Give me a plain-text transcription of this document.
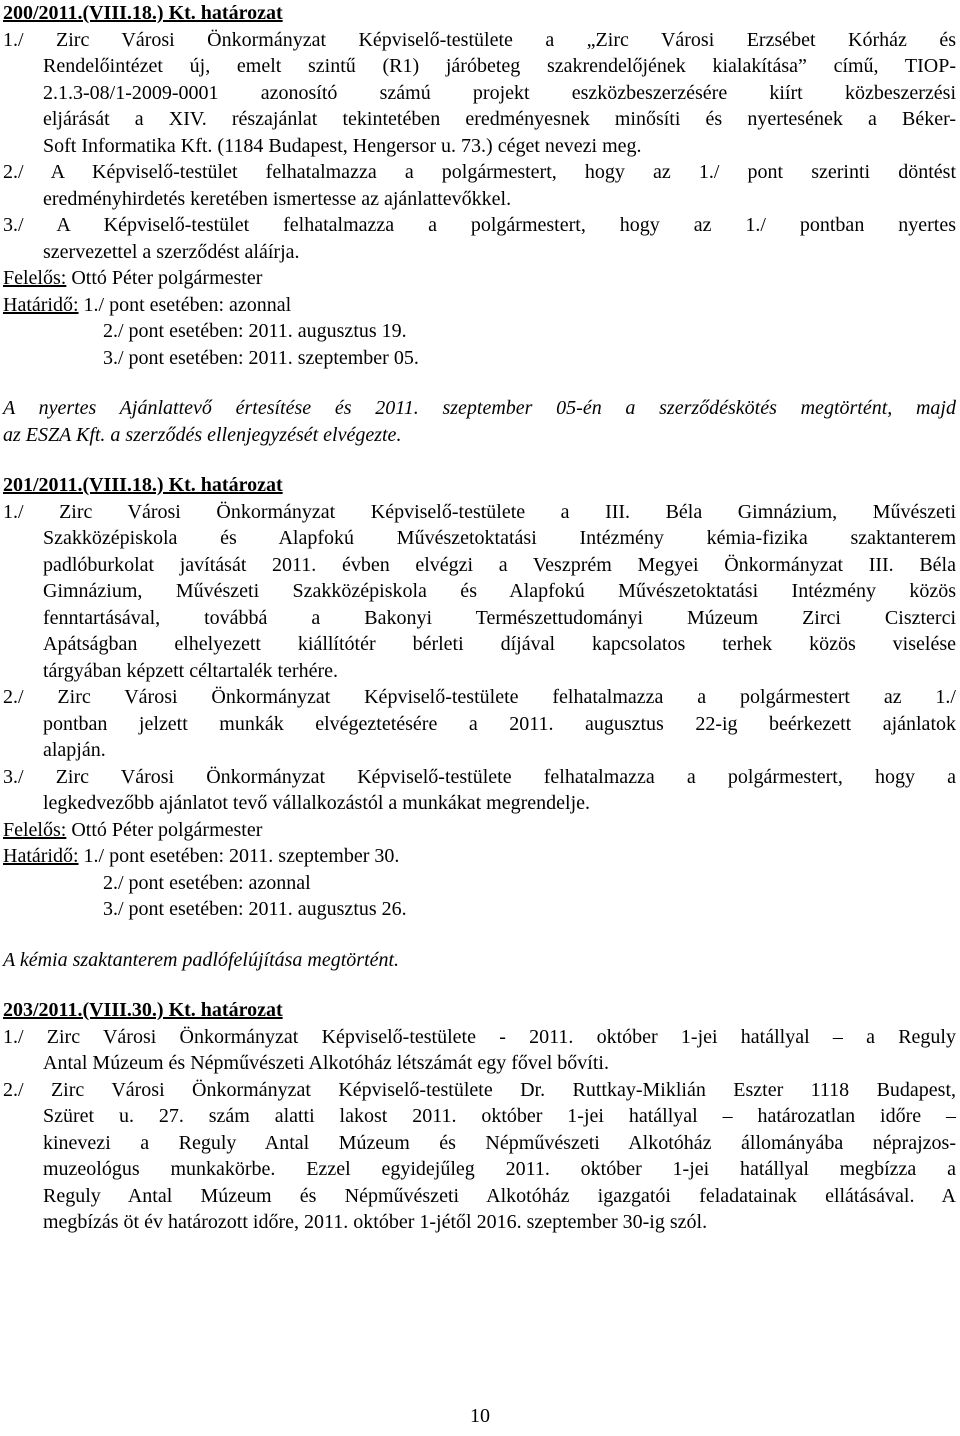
200/2011.(VIII.18.) Kt. határozat
1./ Zirc Városi Önkormányzat Képviselő-testülete a „Zirc Városi Erzsébet Kórház és
Rendelőintézet új, emelt szintű (R1) járóbeteg szakrendelőjének kialakítása” című, TIOP-
2.1.3-08/1-2009-0001 azonosító számú projekt eszközbeszerzésére kiírt közbeszerzési
eljárását a XIV. részajánlat tekintetében eredményesnek minősíti és nyertesének a Béker-
Soft Informatika Kft. (1184 Budapest, Hengersor u. 73.) céget nevezi meg.
2./ A Képviselő-testület felhatalmazza a polgármestert, hogy az 1./ pont szerinti döntést
eredményhirdetés keretében ismertesse az ajánlattevőkkel.
3./ A Képviselő-testület felhatalmazza a polgármestert, hogy az 1./ pontban nyertes
szervezettel a szerződést aláírja.
Felelős: Ottó Péter polgármester
Határidő: 1./ pont esetében: azonnal
2./ pont esetében: 2011. augusztus 19.
3./ pont esetében: 2011. szeptember 05.
A nyertes Ajánlattevő értesítése és 2011. szeptember 05-én a szerződéskötés megtörtént, majd
az ESZA Kft. a szerződés ellenjegyzését elvégezte.
201/2011.(VIII.18.) Kt. határozat
1./ Zirc Városi Önkormányzat Képviselő-testülete a III. Béla Gimnázium, Művészeti
Szakközépiskola és Alapfokú Művészetoktatási Intézmény kémia-fizika szaktanterem
padlóburkolat javítását 2011. évben elvégzi a Veszprém Megyei Önkormányzat III. Béla
Gimnázium, Művészeti Szakközépiskola és Alapfokú Művészetoktatási Intézmény közös
fenntartásával, továbbá a Bakonyi Természettudományi Múzeum Zirci Ciszterci
Apátságban elhelyezett kiállítótér bérleti díjával kapcsolatos terhek közös viselése
tárgyában képzett céltartalék terhére.
2./ Zirc Városi Önkormányzat Képviselő-testülete felhatalmazza a polgármestert az 1./
pontban jelzett munkák elvégeztetésére a 2011. augusztus 22-ig beérkezett ajánlatok
alapján.
3./ Zirc Városi Önkormányzat Képviselő-testülete felhatalmazza a polgármestert, hogy a
legkedvezőbb ajánlatot tevő vállalkozástól a munkákat megrendelje.
Felelős: Ottó Péter polgármester
Határidő: 1./ pont esetében: 2011. szeptember 30.
2./ pont esetében: azonnal
3./ pont esetében: 2011. augusztus 26.
A kémia szaktanterem padlófelújítása megtörtént.
203/2011.(VIII.30.) Kt. határozat
1./ Zirc Városi Önkormányzat Képviselő-testülete - 2011. október 1-jei hatállyal – a Reguly
Antal Múzeum és Népművészeti Alkotóház létszámát egy fővel bővíti.
2./ Zirc Városi Önkormányzat Képviselő-testülete Dr. Ruttkay-Miklián Eszter 1118 Budapest,
Szüret u. 27. szám alatti lakost 2011. október 1-jei hatállyal – határozatlan időre –
kinevezi a Reguly Antal Múzeum és Népművészeti Alkotóház állományába néprajzos-
muzeológus munkakörbe. Ezzel egyidejűleg 2011. október 1-jei hatállyal megbízza a
Reguly Antal Múzeum és Népművészeti Alkotóház igazgatói feladatainak ellátásával. A
megbízás öt év határozott időre, 2011. október 1-jétől 2016. szeptember 30-ig szól.
10
